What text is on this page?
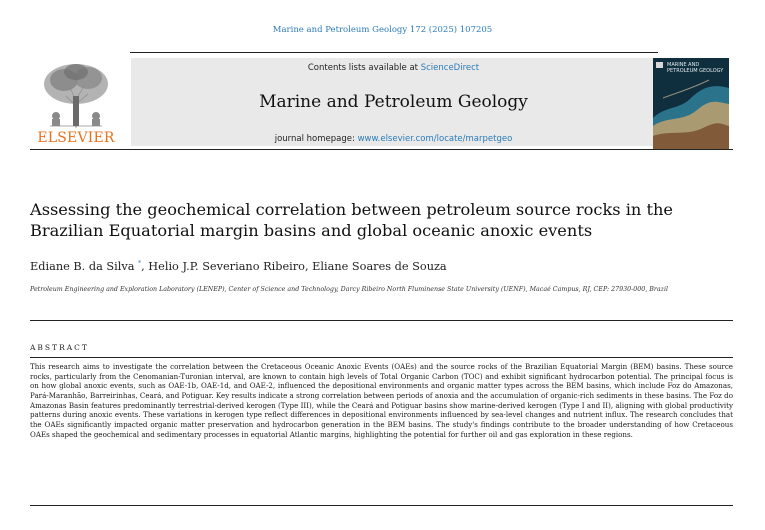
Marine and Petroleum Geology 172 (2025) 107205
ELSEVIER
Contents lists available at ScienceDirect
Marine and Petroleum Geology
journal homepage: www.elsevier.com/locate/marpetgeo
MARINE AND PETROLEUM GEOLOGY
Assessing the geochemical correlation between petroleum source rocks in the Brazilian Equatorial margin basins and global oceanic anoxic events
Ediane B. da Silva *, Helio J.P. Severiano Ribeiro, Eliane Soares de Souza
Petroleum Engineering and Exploration Laboratory (LENEP), Center of Science and Technology, Darcy Ribeiro North Fluminense State University (UENF), Macaé Campus, RJ, CEP: 27930-000, Brazil
ABSTRACT
This research aims to investigate the correlation between the Cretaceous Oceanic Anoxic Events (OAEs) and the source rocks of the Brazilian Equatorial Margin (BEM) basins. These source rocks, particularly from the Cenomanian-Turonian interval, are known to contain high levels of Total Organic Carbon (TOC) and exhibit significant hydrocarbon potential. The principal focus is on how global anoxic events, such as OAE-1b, OAE-1d, and OAE-2, influenced the depositional environments and organic matter types across the BEM basins, which include Foz do Amazonas, Pará-Maranhão, Barreirinhas, Ceará, and Potiguar. Key results indicate a strong correlation between periods of anoxia and the accumulation of organic-rich sediments in these basins. The Foz do Amazonas Basin features predominantly terrestrial-derived kerogen (Type III), while the Ceará and Potiguar basins show marine-derived kerogen (Type I and II), aligning with global productivity patterns during anoxic events. These variations in kerogen type reflect differences in depositional environments influenced by sea-level changes and nutrient influx. The research concludes that the OAEs significantly impacted organic matter preservation and hydrocarbon generation in the BEM basins. The study's findings contribute to the broader understanding of how Cretaceous OAEs shaped the geochemical and sedimentary processes in equatorial Atlantic margins, highlighting the potential for further oil and gas exploration in these regions.
